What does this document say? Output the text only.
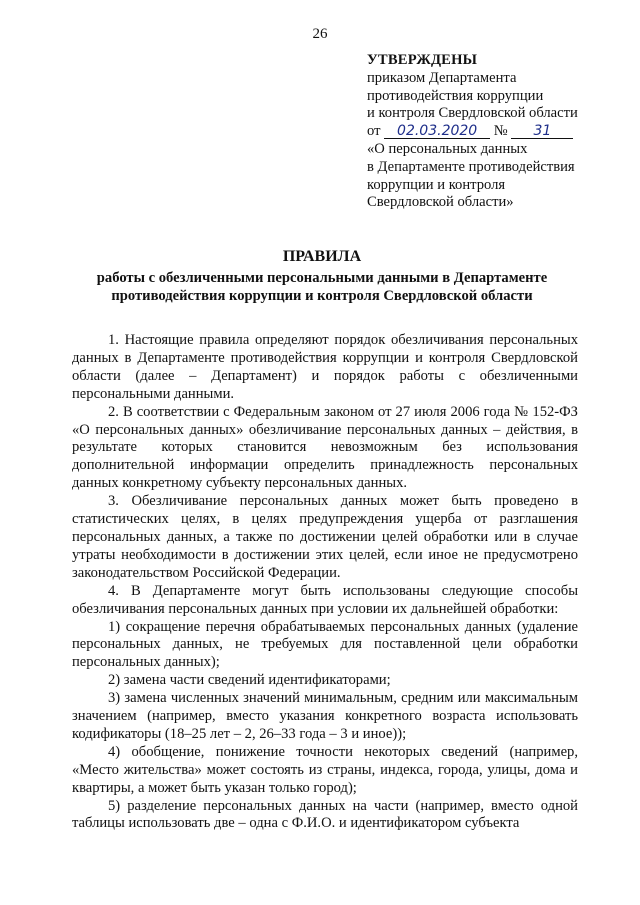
26
УТВЕРЖДЕНЫ
приказом Департамента
противодействия коррупции
и контроля Свердловской области
от 02.03.2020 № 31
«О персональных данных
в Департаменте противодействия
коррупции и контроля
Свердловской области»
ПРАВИЛА
работы с обезличенными персональными данными в Департаменте
противодействия коррупции и контроля Свердловской области

1. Настоящие правила определяют порядок обезличивания персональных данных в Департаменте противодействия коррупции и контроля Свердловской области (далее – Департамент) и порядок работы с обезличенными персональными данными.

2. В соответствии с Федеральным законом от 27 июля 2006 года № 152-ФЗ «О персональных данных» обезличивание персональных данных – действия, в результате которых становится невозможным без использования дополнительной информации определить принадлежность персональных данных конкретному субъекту персональных данных.

3. Обезличивание персональных данных может быть проведено в статистических целях, в целях предупреждения ущерба от разглашения персональных данных, а также по достижении целей обработки или в случае утраты необходимости в достижении этих целей, если иное не предусмотрено законодательством Российской Федерации.

4. В Департаменте могут быть использованы следующие способы обезличивания персональных данных при условии их дальнейшей обработки:

1) сокращение перечня обрабатываемых персональных данных (удаление персональных данных, не требуемых для поставленной цели обработки персональных данных);

2) замена части сведений идентификаторами;

3) замена численных значений минимальным, средним или максимальным значением (например, вместо указания конкретного возраста использовать кодификаторы (18–25 лет – 2, 26–33 года – 3 и иное));

4) обобщение, понижение точности некоторых сведений (например, «Место жительства» может состоять из страны, индекса, города, улицы, дома и квартиры, а может быть указан только город);

5) разделение персональных данных на части (например, вместо одной таблицы использовать две – одна с Ф.И.О. и идентификатором субъекта
